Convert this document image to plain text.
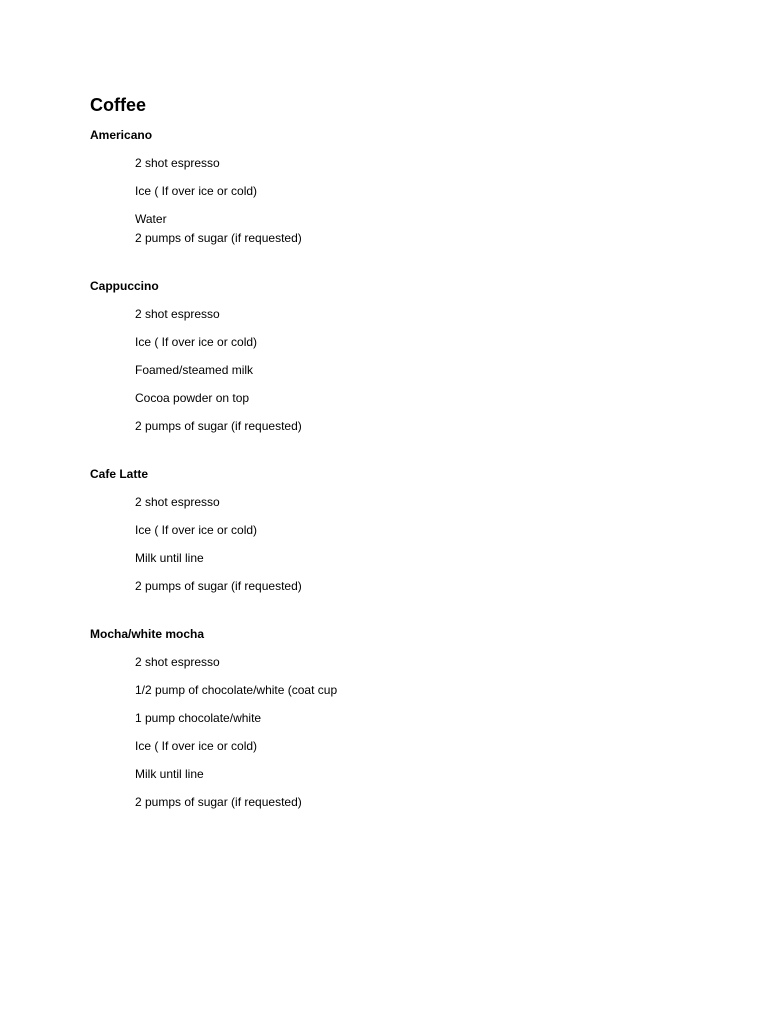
Coffee
Americano
2 shot espresso
Ice ( If over ice or cold)
Water
2 pumps of sugar (if requested)
Cappuccino
2 shot espresso
Ice ( If over ice or cold)
Foamed/steamed milk
Cocoa powder on top
2 pumps of sugar (if requested)
Cafe Latte
2 shot espresso
Ice ( If over ice or cold)
Milk until line
2 pumps of sugar (if requested)
Mocha/white mocha
2 shot espresso
1/2 pump of chocolate/white (coat cup
1 pump chocolate/white
Ice ( If over ice or cold)
Milk until line
2 pumps of sugar (if requested)
